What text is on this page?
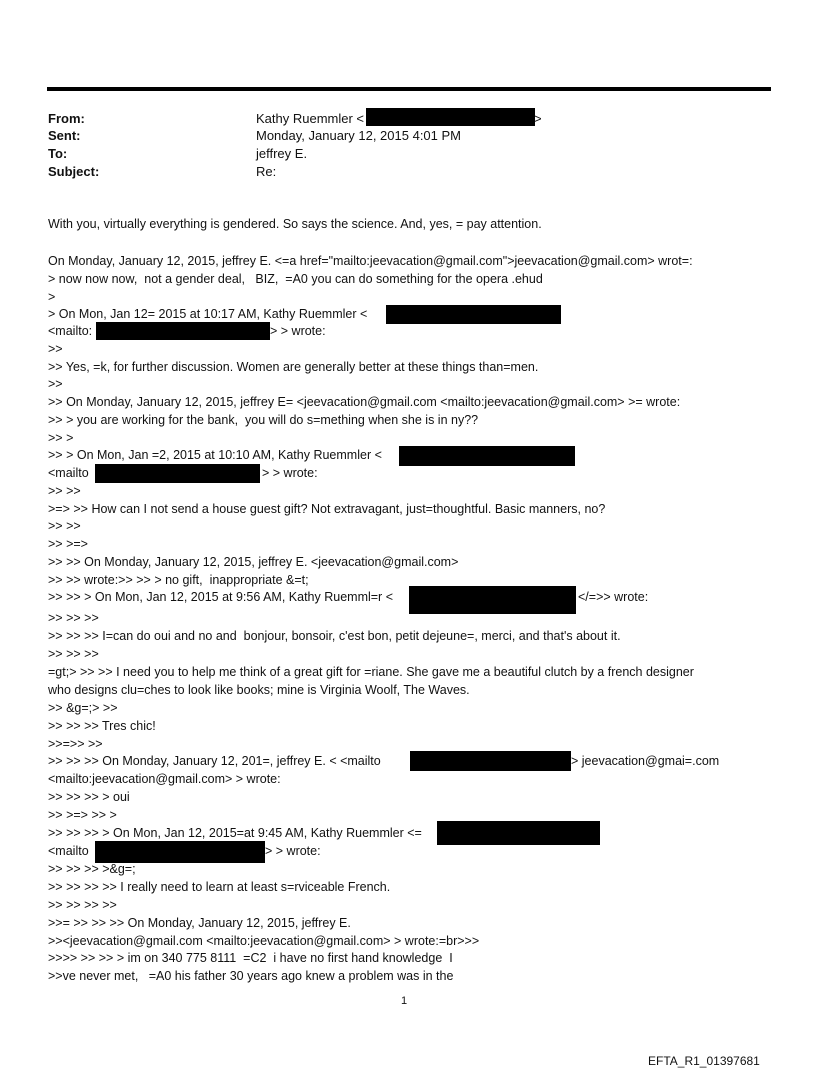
From:	Kathy Ruemmler <	>
Sent:	Monday, January 12, 2015 4:01 PM
To:	jeffrey E.
Subject:	Re:
With you, virtually everything is gendered. So says the science. And, yes, = pay attention.
On Monday, January 12, 2015, jeffrey E. <=a href="mailto:jeevacation@gmail.com">jeevacation@gmail.com> wrot=:
> now now now,  not a gender deal,   BIZ,  =A0 you can do something for the opera .ehud
>
> On Mon, Jan 12= 2015 at 10:17 AM, Kathy Ruemmler <
<mailto:	> > wrote:
>>
>> Yes, =k, for further discussion. Women are generally better at these things than=men.
>>
>> On Monday, January 12, 2015, jeffrey E= <jeevacation@gmail.com <mailto:jeevacation@gmail.com> >= wrote:
>> > you are working for the bank,  you will do s=mething when she is in ny??
>> >
>> > On Mon, Jan =2, 2015 at 10:10 AM, Kathy Ruemmler <
<mailto	> > wrote:
>> >>
>=> >> How can I not send a house guest gift? Not extravagant, just=thoughtful. Basic manners, no?
>> >>
>> >=>
>> >> On Monday, January 12, 2015, jeffrey E. <jeevacation@gmail.com>
>> >> wrote:>> >> > no gift,  inappropriate &=t;
>> >> > On Mon, Jan 12, 2015 at 9:56 AM, Kathy Ruemml=r <	</=>> wrote:
>> >> >>
>> >> >> I=can do oui and no and  bonjour, bonsoir, c'est bon, petit dejeune=, merci, and that's about it.
>> >> >>
=gt;> >> >> I need you to help me think of a great gift for =riane. She gave me a beautiful clutch by a french designer
who designs clu=ches to look like books; mine is Virginia Woolf, The Waves.
>> &g=;> >>
>> >> >> Tres chic!
>>=>> >>
>> >> >> On Monday, January 12, 201=, jeffrey E. < <mailto	> jeevacation@gmai=.com
<mailto:jeevacation@gmail.com> > wrote:
>> >> >> > oui
>> >=> >> >
>> >> >> > On Mon, Jan 12, 2015=at 9:45 AM, Kathy Ruemmler <=
<mailto	> > wrote:
>> >> >> >&g=;
>> >> >> >> I really need to learn at least s=rviceable French.
>> >> >> >>
>>= >> >> >> On Monday, January 12, 2015, jeffrey E.
>><jeevacation@gmail.com <mailto:jeevacation@gmail.com> > wrote:=br>>>
>>>> >> >> > im on 340 775 8111  =C2  i have no first hand knowledge  I
>>ve never met,   =A0 his father 30 years ago knew a problem was in the
1
EFTA_R1_01397681
